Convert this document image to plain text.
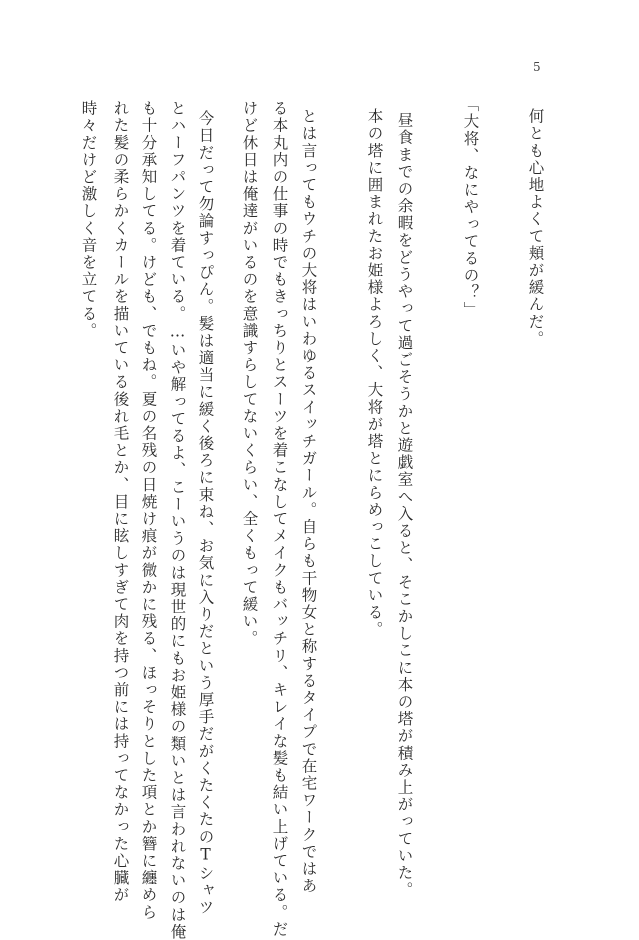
5
何とも心地よくて頬が緩んだ。
昼食までの余暇をどうやって過ごそうかと遊戯室へ入ると、そこかしこに本の塔が積み上がっていた。
本の塔に囲まれたお姫様よろしく、大将が塔とにらめっこしている。	「大将、なにやってるの？」
とは言ってもウチの大将はいわゆるスイッチガール。自らも干物女と称するタイプで在宅ワークではあ
る本丸内の仕事の時でもきっちりとスーツを着こなしてメイクもバッチリ、キレイな髪も結い上げている。だ
けど休日は俺達がいるのを意識すらしてないくらい、全くもって緩い。
今日だって勿論すっぴん。髪は適当に緩く後ろに束ね、お気に入りだという厚手だがくたくたのTシャツ
とハーフパンツを着ている。…いや解ってるよ、こーいうのは現世的にもお姫様の類いとは言われないのは俺
も十分承知してる。けども、でもね。夏の名残の日焼け痕が微かに残る、ほっそりとした項とか簪に纏めら
れた髪の柔らかくカールを描いている後れ毛とか、目に眩しすぎて肉を持つ前には持ってなかった心臓が
時々だけど激しく音を立てる。
